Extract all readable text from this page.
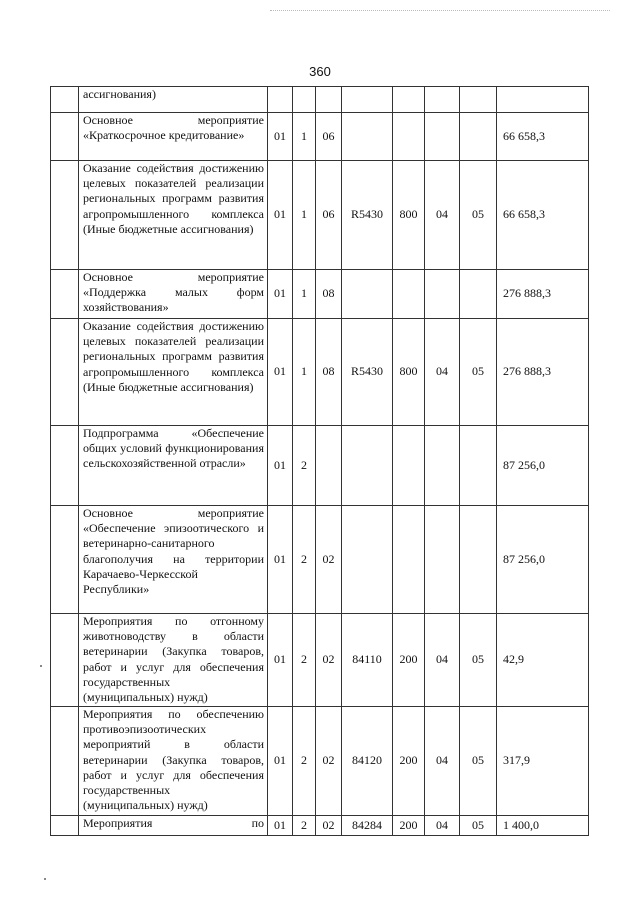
360
	ассигнования)								
	Основное мероприятие «Краткосрочное кредитование»	01	1	06					66 658,3
	Оказание содействия достижению целевых показателей реализации региональных программ развития агропромышленного комплекса (Иные бюджетные ассигнования)	01	1	06	R5430	800	04	05	66 658,3
	Основное мероприятие «Поддержка малых форм хозяйствования»	01	1	08					276 888,3
	Оказание содействия достижению целевых показателей реализации региональных программ развития агропромышленного комплекса (Иные бюджетные ассигнования)	01	1	08	R5430	800	04	05	276 888,3
	Подпрограмма «Обеспечение общих условий функционирования сельскохозяйственной отрасли»	01	2						87 256,0
	Основное мероприятие «Обеспечение эпизоотического и ветеринарно-санитарного благополучия на территории Карачаево-Черкесской Республики»	01	2	02					87 256,0
	Мероприятия по отгонному животноводству в области ветеринарии (Закупка товаров, работ и услуг для обеспечения государственных (муниципальных) нужд)	01	2	02	84110	200	04	05	42,9
	Мероприятия по обеспечению противоэпизоотических мероприятий в области ветеринарии (Закупка товаров, работ и услуг для обеспечения государственных (муниципальных) нужд)	01	2	02	84120	200	04	05	317,9
	Мероприятия по	01	2	02	84284	200	04	05	1 400,0
